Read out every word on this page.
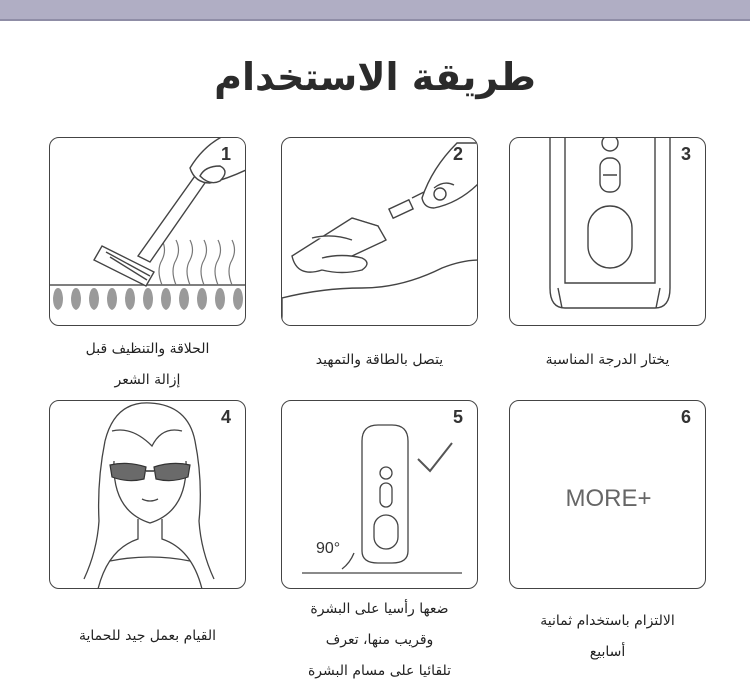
طريقة الاستخدام
1
الحلاقة والتنظيف قبل
إزالة الشعر
2
يتصل بالطاقة والتمهيد
3
يختار الدرجة المناسبة
4
القيام بعمل جيد للحماية
90°
5
ضعها رأسيا على البشرة
وقريب منها، تعرف
تلقائيا على مسام البشرة
6
MORE+
الالتزام باستخدام ثمانية
أسابيع
